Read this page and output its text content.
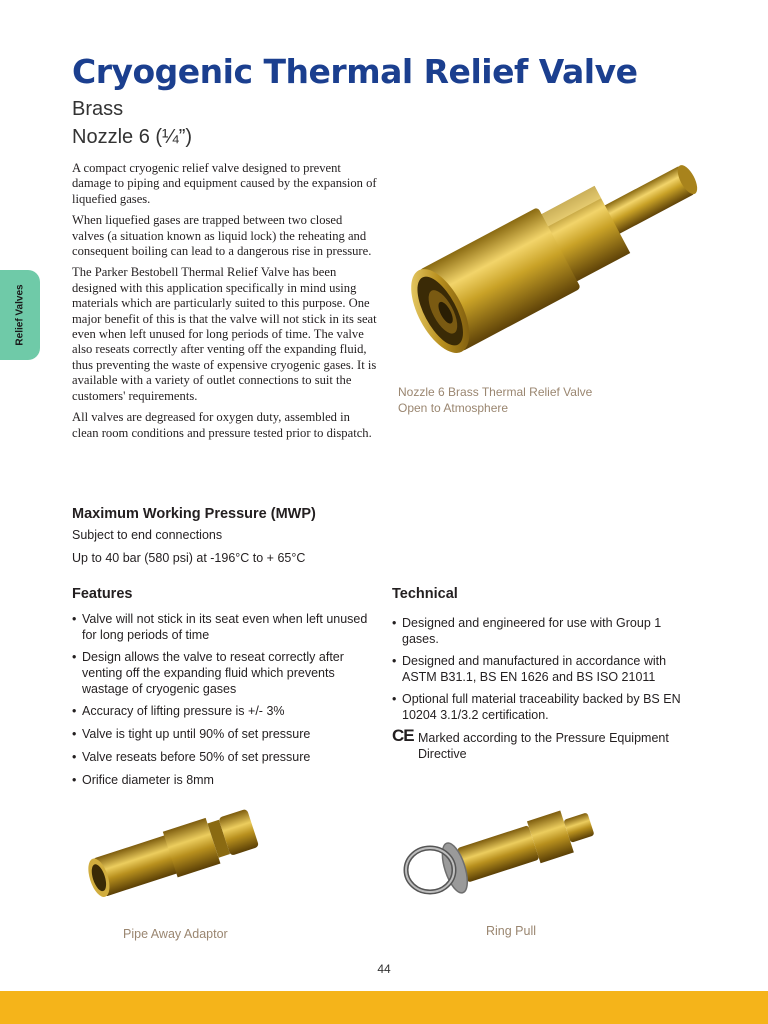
Cryogenic Thermal Relief Valve
Brass
Nozzle 6 (¼”)
Relief Valves

A compact cryogenic relief valve designed to prevent damage to piping and equipment caused by the expansion of liquefied gases.

When liquefied gases are trapped between two closed valves (a situation known as liquid lock) the reheating and consequent boiling can lead to a dangerous rise in pressure.

The Parker Bestobell Thermal Relief Valve has been designed with this application specifically in mind using materials which are particularly suited to this purpose. One major benefit of this is that the valve will not stick in its seat even when left unused for long periods of time. The valve also reseats correctly after venting off the expanding fluid, thus preventing the waste of expensive cryogenic gases. It is available with a variety of outlet connections to suit the customers' requirements.

All valves are degreased for oxygen duty, assembled in clean room conditions and pressure tested prior to dispatch.

Nozzle 6 Brass Thermal Relief Valve
Open to Atmosphere
Maximum Working Pressure (MWP)
Subject to end connections
Up to 40 bar (580 psi) at -196°C to + 65°C
Features
• Valve will not stick in its seat even when left unused for long periods of time
• Design allows the valve to reseat correctly after venting off the expanding fluid which prevents wastage of cryogenic gases
• Accuracy of lifting pressure is +/- 3%
• Valve is tight up until 90% of set pressure
• Valve reseats before 50% of set pressure
• Orifice diameter is 8mm
Technical
• Designed and engineered for use with Group 1 gases.
• Designed and manufactured in accordance with ASTM B31.1, BS EN 1626 and BS ISO 21011
• Optional full material traceability backed by BS EN 10204 3.1/3.2 certification.
CE Marked according to the Pressure Equipment Directive
Pipe Away Adaptor	Ring Pull
44
